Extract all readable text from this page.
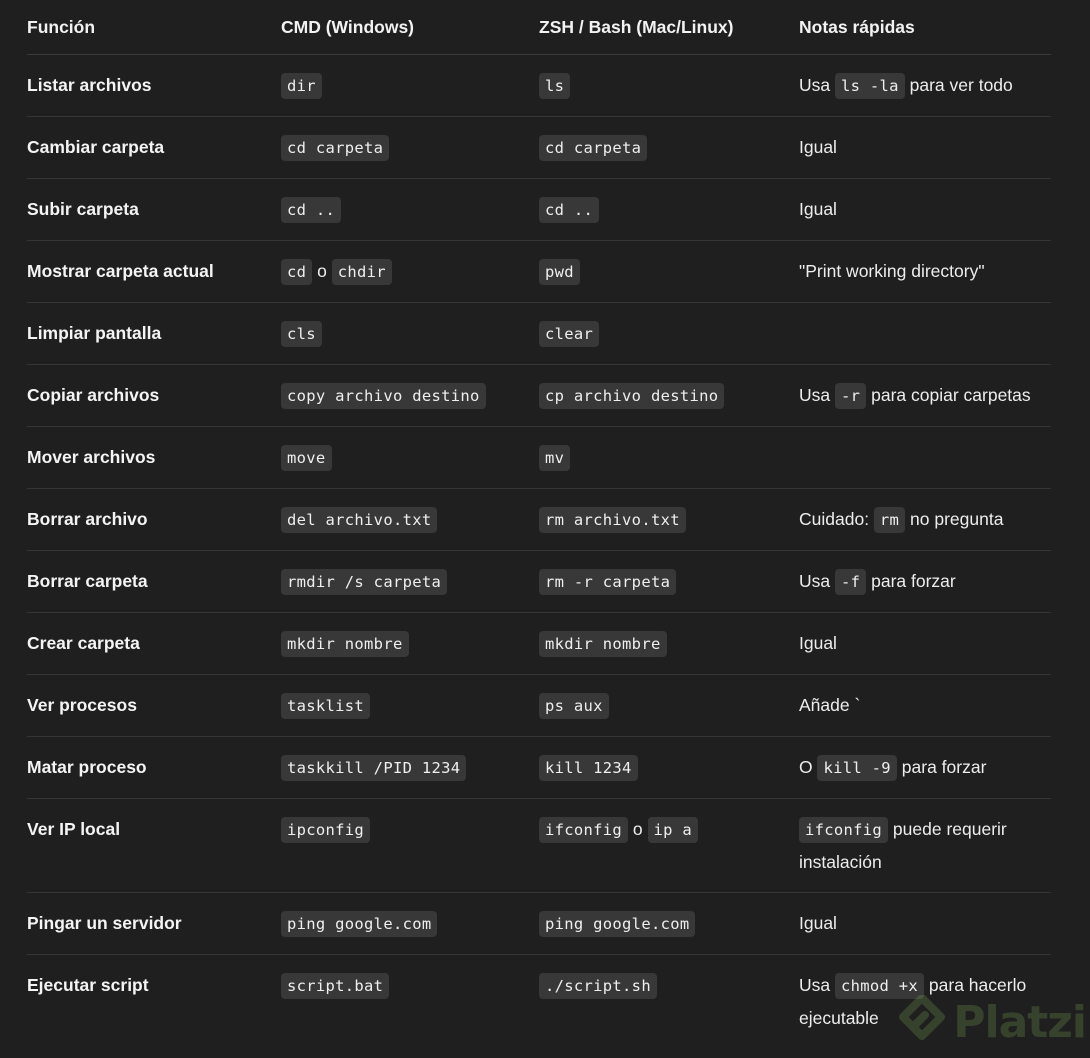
Función	CMD (Windows)	ZSH / Bash (Mac/Linux)	Notas rápidas

Listar archivos	dir	ls	Usa ls -la para ver todo

Cambiar carpeta	cd carpeta	cd carpeta	Igual

Subir carpeta	cd ..	cd ..	Igual

Mostrar carpeta actual	cd o chdir	pwd	"Print working directory"

Limpiar pantalla	cls	clear	

Copiar archivos	copy archivo destino	cp archivo destino	Usa -r para copiar carpetas

Mover archivos	move	mv	

Borrar archivo	del archivo.txt	rm archivo.txt	Cuidado: rm no pregunta

Borrar carpeta	rmdir /s carpeta	rm -r carpeta	Usa -f para forzar

Crear carpeta	mkdir nombre	mkdir nombre	Igual

Ver procesos	tasklist	ps aux	Añade `

Matar proceso	taskkill /PID 1234	kill 1234	O kill -9 para forzar

Ver IP local	ipconfig	ifconfig o ip a	ifconfig puede requerir instalación

Pingar un servidor	ping google.com	ping google.com	Igual

Ejecutar script	script.bat	./script.sh	Usa chmod +x para hacerlo ejecutable	Platzi
